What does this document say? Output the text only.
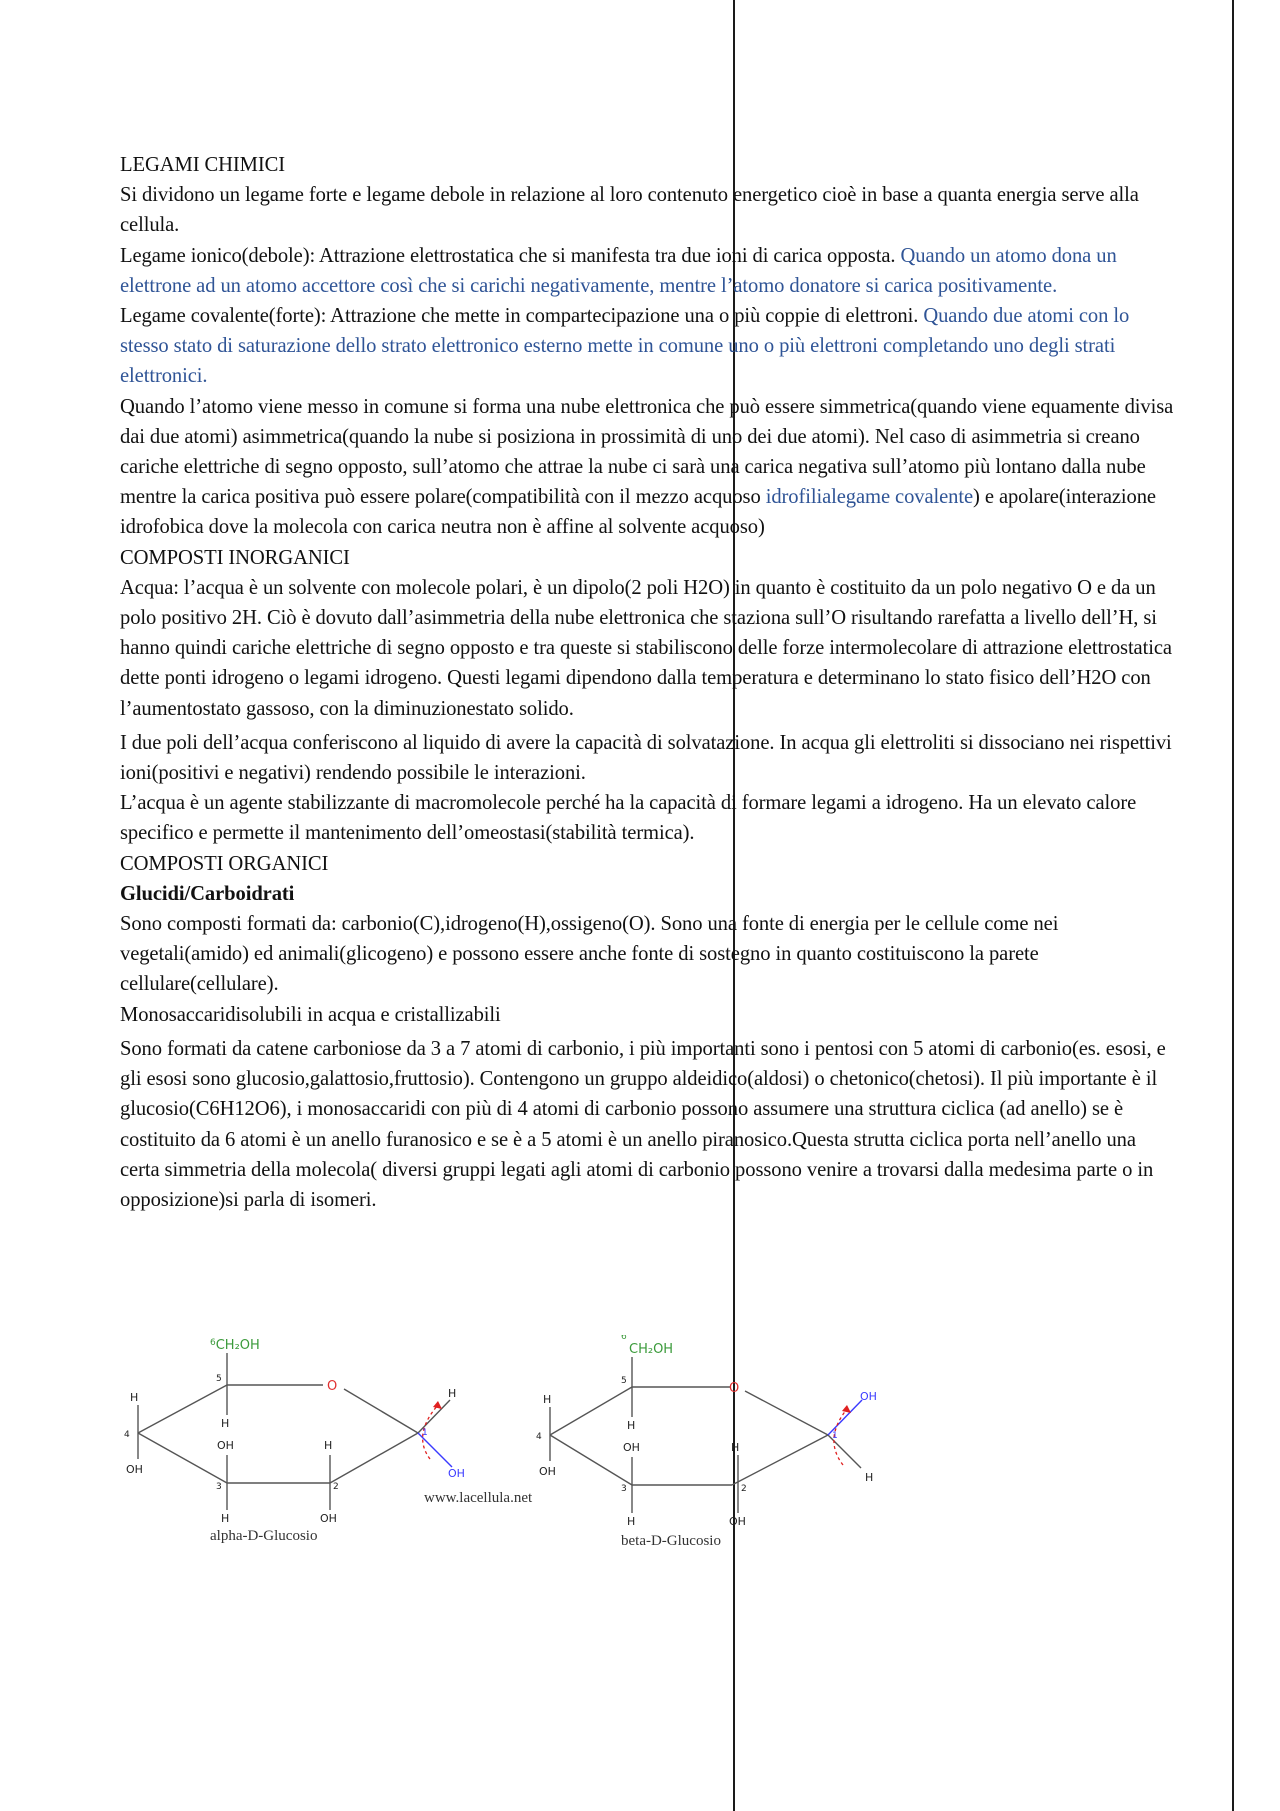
LEGAMI CHIMICI

Si dividono un legame forte e legame debole in relazione al loro contenuto energetico cioè in base a quanta energia serve alla cellula.

Legame ionico(debole): Attrazione elettrostatica che si manifesta tra due ioni di carica opposta. Quando un atomo dona un elettrone ad un atomo accettore così che si carichi negativamente, mentre l’atomo donatore si carica positivamente.

Legame covalente(forte): Attrazione che mette in compartecipazione una o più coppie di elettroni. Quando due atomi con lo stesso stato di saturazione dello strato elettronico esterno mette in comune uno o più elettroni completando uno degli strati elettronici.

Quando l’atomo viene messo in comune si forma una nube elettronica che può essere simmetrica(quando viene equamente divisa dai due atomi) asimmetrica(quando la nube si posiziona in prossimità di uno dei due atomi). Nel caso di asimmetria si creano cariche elettriche di segno opposto, sull’atomo che attrae la nube ci sarà una carica negativa sull’atomo più lontano dalla nube mentre la carica positiva può essere polare(compatibilità con il mezzo acquoso idrofilialegame covalente) e apolare(interazione idrofobica dove la molecola con carica neutra non è affine al solvente acquoso)

COMPOSTI INORGANICI

Acqua: l’acqua è un solvente con molecole polari, è un dipolo(2 poli H2O) in quanto è costituito da un polo negativo O e da un polo positivo 2H. Ciò è dovuto dall’asimmetria della nube elettronica che staziona sull’O risultando rarefatta a livello dell’H, si hanno quindi cariche elettriche di segno opposto e tra queste si stabiliscono delle forze intermolecolare di attrazione elettrostatica dette ponti idrogeno o legami idrogeno. Questi legami dipendono dalla temperatura e determinano lo stato fisico dell’H2O con l’aumentostato gassoso, con la diminuzionestato solido.

I due poli dell’acqua conferiscono al liquido di avere la capacità di solvatazione. In acqua gli elettroliti si dissociano nei rispettivi ioni(positivi e negativi) rendendo possibile le interazioni.

L’acqua è un agente stabilizzante di macromolecole perché ha la capacità di formare legami a idrogeno. Ha un elevato calore specifico e permette il mantenimento dell’omeostasi(stabilità termica).

COMPOSTI ORGANICI

Glucidi/Carboidrati

Sono composti formati da: carbonio(C),idrogeno(H),ossigeno(O). Sono una fonte di energia per le cellule come nei vegetali(amido) ed animali(glicogeno) e possono essere anche fonte di sostegno in quanto costituiscono la parete cellulare(cellulare).

Monosaccaridisolubili in acqua e cristallizabili

Sono formati da catene carboniose da 3 a 7 atomi di carbonio, i più importanti sono i pentosi con 5 atomi di carbonio(es. esosi, e gli esosi sono glucosio,galattosio,fruttosio). Contengono un gruppo aldeidico(aldosi) o chetonico(chetosi). Il più importante è il glucosio(C6H12O6), i monosaccaridi con più di 4 atomi di carbonio possono assumere una struttura ciclica (ad anello) se è costituito da 6 atomi è un anello furanosico e se è a 5 atomi è un anello piranosico.Questa strutta ciclica porta nell’anello una certa simmetria della molecola( diversi gruppi legati agli atomi di carbonio possono venire a trovarsi dalla medesima parte o in opposizione)si parla di isomeri.

$^6$CH₂OH
O
H
4
OH
5
H
OH
3
H
H
2
OH
H
1
OH
alpha-D-Glucosio
www.lacellula.net
6
CH₂OH
O
H
4
OH
5
H
OH
3
H
H
2
OH
H
1
OH
beta-D-Glucosio
